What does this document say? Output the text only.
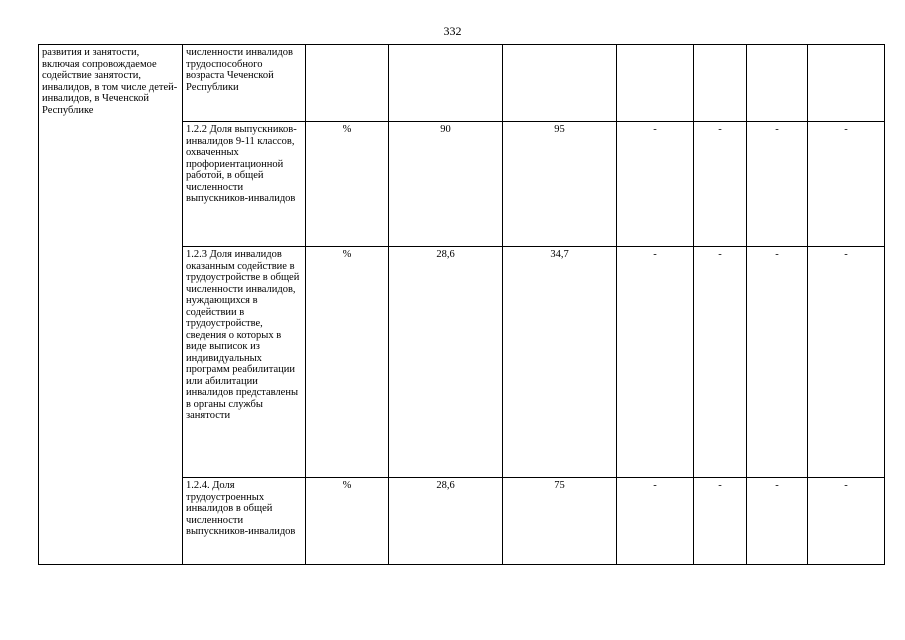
332
развития и занятости, включая сопровождаемое содействие занятости, инвалидов, в том числе детей-инвалидов, в Чеченской Республике	численности инвалидов трудоспособного возраста Чеченской Республики							
	1.2.2 Доля выпускников-инвалидов 9-11 классов, охваченных профориентационной работой, в общей численности выпускников-инвалидов	%	90	95	-	-	-	-
	1.2.3 Доля инвалидов оказанным содействие в трудоустройстве в общей численности инвалидов, нуждающихся в содействии в трудоустройстве, сведения о которых в виде выписок из индивидуальных программ реабилитации или абилитации инвалидов представлены в органы службы занятости	%	28,6	34,7	-	-	-	-
	1.2.4. Доля трудоустроенных инвалидов в общей численности выпускников-инвалидов	%	28,6	75	-	-	-	-
